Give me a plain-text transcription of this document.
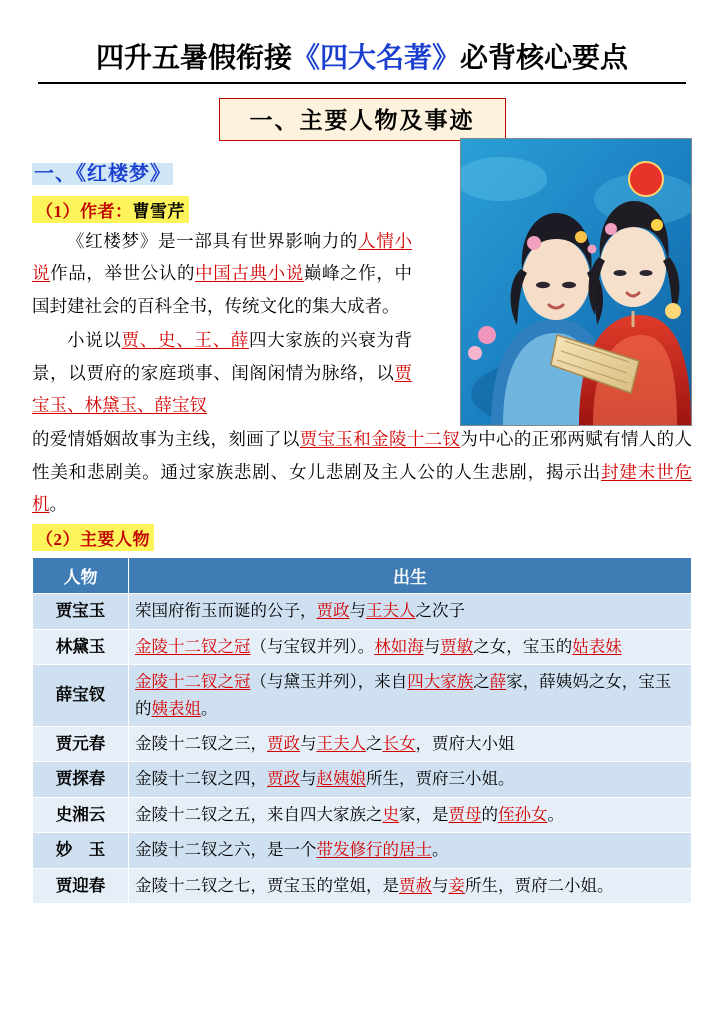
四升五暑假衔接《四大名著》必背核心要点
一、主要人物及事迹
一、《红楼梦》
（1）作者：曹雪芹
《红楼梦》是一部具有世界影响力的人情小说作品，举世公认的中国古典小说巅峰之作，中国封建社会的百科全书，传统文化的集大成者。
小说以贾、史、王、薛四大家族的兴衰为背景，以贾府的家庭琐事、闺阁闲情为脉络，以贾宝玉、林黛玉、薛宝钗
的爱情婚姻故事为主线，刻画了以贾宝玉和金陵十二钗为中心的正邪两赋有情人的人性美和悲剧美。通过家族悲剧、女儿悲剧及主人公的人生悲剧，揭示出封建末世危机。
（2）主要人物
人物	出生
贾宝玉	荣国府衔玉而诞的公子，贾政与王夫人之次子
林黛玉	金陵十二钗之冠（与宝钗并列）。林如海与贾敏之女，宝玉的姑表妹
薛宝钗	金陵十二钗之冠（与黛玉并列），来自四大家族之薛家，薛姨妈之女，宝玉的姨表姐。
贾元春	金陵十二钗之三，贾政与王夫人之长女，贾府大小姐
贾探春	金陵十二钗之四，贾政与赵姨娘所生，贾府三小姐。
史湘云	金陵十二钗之五，来自四大家族之史家，是贾母的侄孙女。
妙　玉	金陵十二钗之六，是一个带发修行的居士。
贾迎春	金陵十二钗之七，贾宝玉的堂姐，是贾赦与妾所生，贾府二小姐。
